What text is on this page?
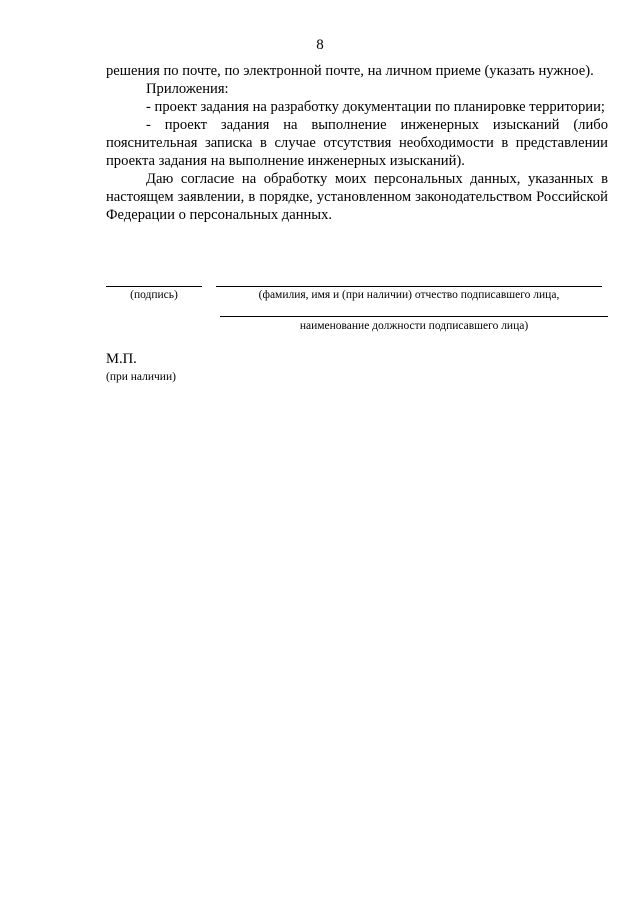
8

решения по почте, по электронной почте, на личном приеме (указать нужное).

Приложения:

- проект задания на разработку документации по планировке территории;

- проект задания на выполнение инженерных изысканий (либо пояснительная записка в случае отсутствия необходимости в представлении проекта задания на выполнение инженерных изысканий).

Даю согласие на обработку моих персональных данных, указанных в настоящем заявлении, в порядке, установленном законодательством Российской Федерации о персональных данных.

(подпись)	(фамилия, имя и (при наличии) отчество подписавшего лица,
наименование должности подписавшего лица)
М.П.
(при наличии)
